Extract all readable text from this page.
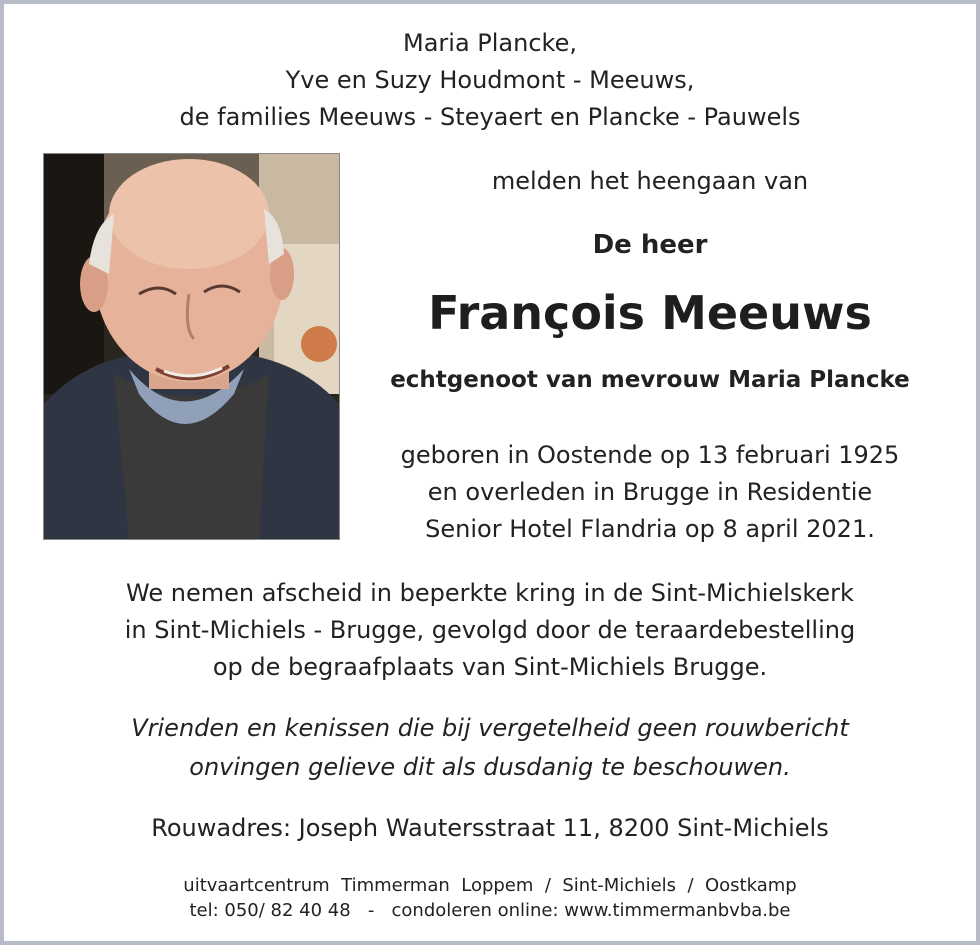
Maria Plancke,
Yve en Suzy Houdmont - Meeuws,
de families Meeuws - Steyaert en Plancke - Pauwels
melden het heengaan van
De heer
François Meeuws
echtgenoot van mevrouw Maria Plancke
geboren in Oostende op 13 februari 1925
en overleden in Brugge in Residentie
Senior Hotel Flandria op 8 april 2021.
We nemen afscheid in beperkte kring in de Sint-Michielskerk
in Sint-Michiels - Brugge, gevolgd door de teraardebestelling
op de begraafplaats van Sint-Michiels Brugge.
Vrienden en kenissen die bij vergetelheid geen rouwbericht
onvingen gelieve dit als dusdanig te beschouwen.
Rouwadres: Joseph Wautersstraat 11, 8200 Sint-Michiels
uitvaartcentrum  Timmerman  Loppem  /  Sint-Michiels  /  Oostkamp
tel: 050/ 82 40 48   -   condoleren online: www.timmermanbvba.be
